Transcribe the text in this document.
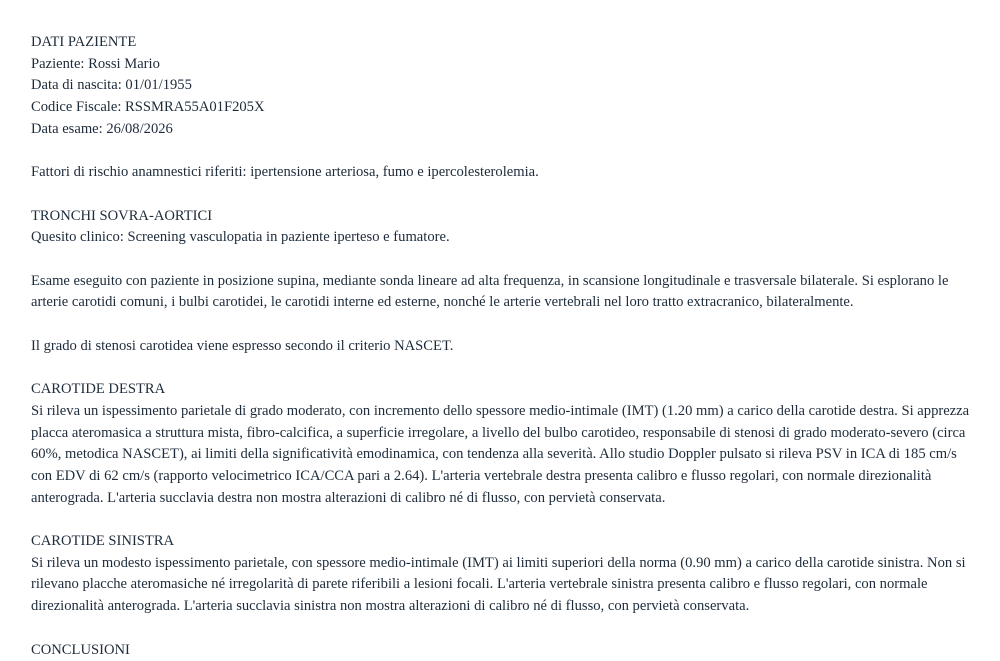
DATI PAZIENTE
Paziente: Rossi Mario
Data di nascita: 01/01/1955
Codice Fiscale: RSSMRA55A01F205X
Data esame: 26/08/2026

Fattori di rischio anamnestici riferiti: ipertensione arteriosa, fumo e ipercolesterolemia.

TRONCHI SOVRA-AORTICI

Quesito clinico: Screening vasculopatia in paziente iperteso e fumatore.

Esame eseguito con paziente in posizione supina, mediante sonda lineare ad alta frequenza, in scansione longitudinale e trasversale bilaterale. Si esplorano le arterie carotidi comuni, i bulbi carotidei, le carotidi interne ed esterne, nonché le arterie vertebrali nel loro tratto extracranico, bilateralmente.

Il grado di stenosi carotidea viene espresso secondo il criterio NASCET.

CAROTIDE DESTRA

Si rileva un ispessimento parietale di grado moderato, con incremento dello spessore medio-intimale (IMT) (1.20 mm) a carico della carotide destra. Si apprezza placca ateromasica a struttura mista, fibro-calcifica, a superficie irregolare, a livello del bulbo carotideo, responsabile di stenosi di grado moderato-severo (circa 60%, metodica NASCET), ai limiti della significatività emodinamica, con tendenza alla severità. Allo studio Doppler pulsato si rileva PSV in ICA di 185 cm/s con EDV di 62 cm/s (rapporto velocimetrico ICA/CCA pari a 2.64). L'arteria vertebrale destra presenta calibro e flusso regolari, con normale direzionalità anterograda. L'arteria succlavia destra non mostra alterazioni di calibro né di flusso, con pervietà conservata.

CAROTIDE SINISTRA

Si rileva un modesto ispessimento parietale, con spessore medio-intimale (IMT) ai limiti superiori della norma (0.90 mm) a carico della carotide sinistra. Non si rilevano placche ateromasiche né irregolarità di parete riferibili a lesioni focali. L'arteria vertebrale sinistra presenta calibro e flusso regolari, con normale direzionalità anterograda. L'arteria succlavia sinistra non mostra alterazioni di calibro né di flusso, con pervietà conservata.

CONCLUSIONI
